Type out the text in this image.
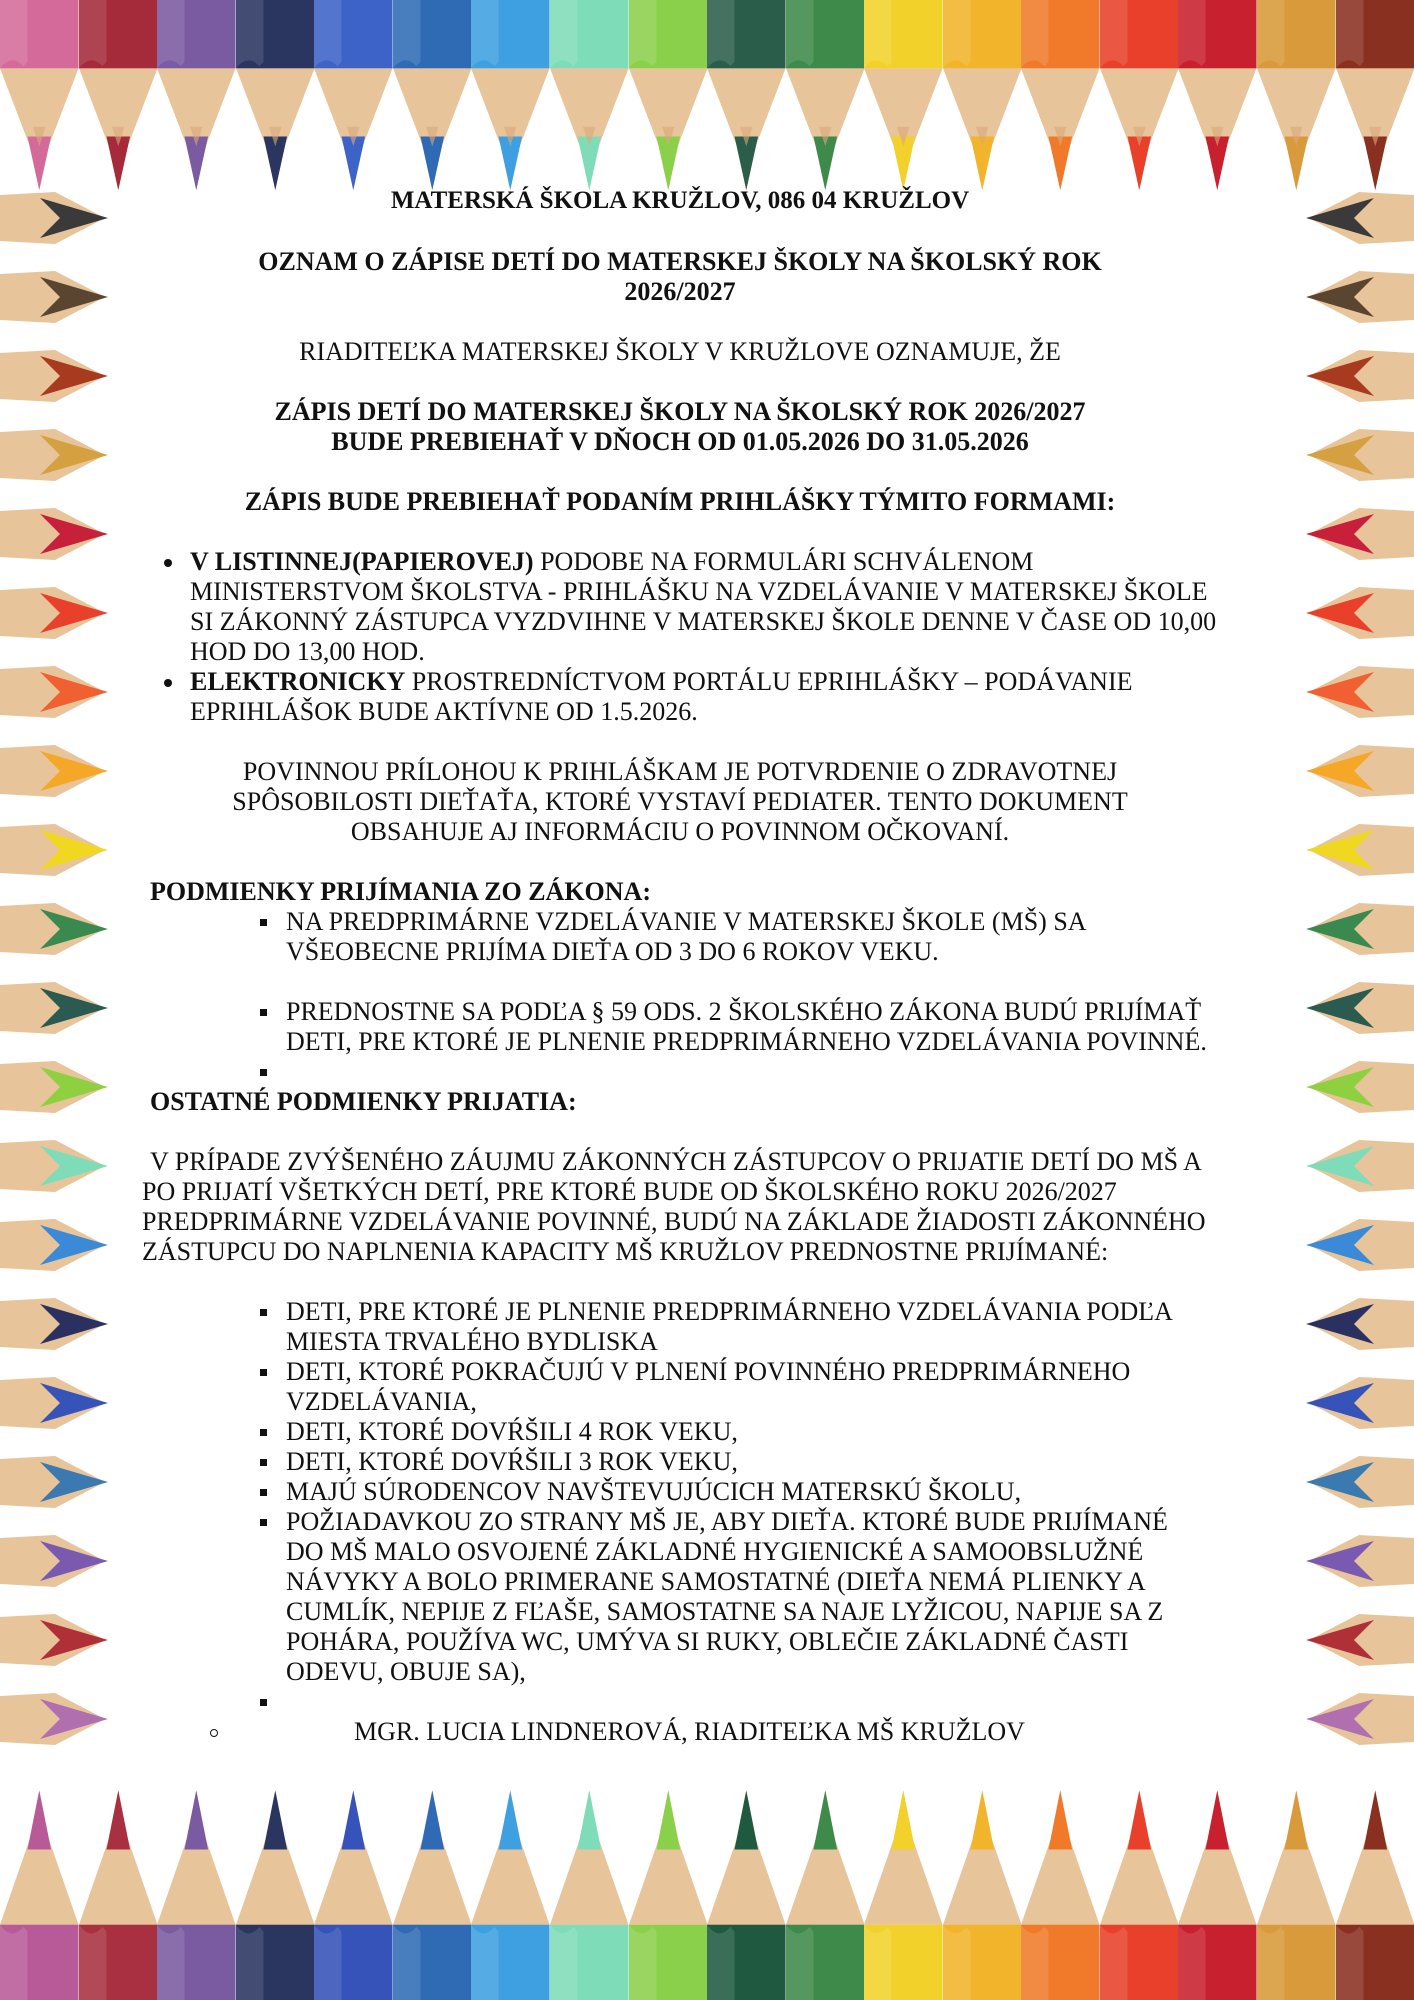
MATERSKÁ ŠKOLA KRUŽLOV, 086 04 KRUŽLOV

OZNAM O ZÁPISE DETÍ DO MATERSKEJ ŠKOLY NA ŠKOLSKÝ ROK

2026/2027

RIADITEĽKA MATERSKEJ ŠKOLY V KRUŽLOVE OZNAMUJE, ŽE

ZÁPIS DETÍ DO MATERSKEJ ŠKOLY NA ŠKOLSKÝ ROK 2026/2027

BUDE PREBIEHAŤ V DŇOCH OD 01.05.2026 DO 31.05.2026

ZÁPIS BUDE PREBIEHAŤ PODANÍM PRIHLÁŠKY TÝMITO FORMAMI:

V LISTINNEJ(PAPIEROVEJ) PODOBE NA FORMULÁRI SCHVÁLENOM MINISTERSTVOM ŠKOLSTVA - PRIHLÁŠKU NA VZDELÁVANIE V MATERSKEJ ŠKOLE SI ZÁKONNÝ ZÁSTUPCA VYZDVIHNE V MATERSKEJ ŠKOLE DENNE V ČASE OD 10,00 HOD DO 13,00 HOD.
ELEKTRONICKY PROSTREDNÍCTVOM PORTÁLU EPRIHLÁŠKY – PODÁVANIE EPRIHLÁŠOK BUDE AKTÍVNE OD 1.5.2026.

POVINNOU PRÍLOHOU K PRIHLÁŠKAM JE POTVRDENIE O ZDRAVOTNEJ

SPÔSOBILOSTI DIEŤAŤA, KTORÉ VYSTAVÍ PEDIATER. TENTO DOKUMENT

OBSAHUJE AJ INFORMÁCIU O POVINNOM OČKOVANÍ.

PODMIENKY PRIJÍMANIA ZO ZÁKONA:

NA PREDPRIMÁRNE VZDELÁVANIE V MATERSKEJ ŠKOLE (MŠ) SA VŠEOBECNE PRIJÍMA DIEŤA OD 3 DO 6 ROKOV VEKU.
PREDNOSTNE SA PODĽA § 59 ODS. 2 ŠKOLSKÉHO ZÁKONA BUDÚ PRIJÍMAŤ DETI, PRE KTORÉ JE PLNENIE PREDPRIMÁRNEHO VZDELÁVANIA POVINNÉ.

OSTATNÉ PODMIENKY PRIJATIA:

V PRÍPADE ZVÝŠENÉHO ZÁUJMU ZÁKONNÝCH ZÁSTUPCOV O PRIJATIE DETÍ DO MŠ A PO PRIJATÍ VŠETKÝCH DETÍ, PRE KTORÉ BUDE OD ŠKOLSKÉHO ROKU 2026/2027 PREDPRIMÁRNE VZDELÁVANIE POVINNÉ, BUDÚ NA ZÁKLADE ŽIADOSTI ZÁKONNÉHO ZÁSTUPCU DO NAPLNENIA KAPACITY MŠ KRUŽLOV PREDNOSTNE PRIJÍMANÉ:

DETI, PRE KTORÉ JE PLNENIE PREDPRIMÁRNEHO VZDELÁVANIA PODĽA MIESTA TRVALÉHO BYDLISKA
DETI, KTORÉ POKRAČUJÚ V PLNENÍ POVINNÉHO PREDPRIMÁRNEHO VZDELÁVANIA,
DETI, KTORÉ DOVŔŠILI 4 ROK VEKU,
DETI, KTORÉ DOVŔŠILI 3 ROK VEKU,
MAJÚ SÚRODENCOV NAVŠTEVUJÚCICH MATERSKÚ ŠKOLU,
POŽIADAVKOU ZO STRANY MŠ JE, ABY DIEŤA. KTORÉ BUDE PRIJÍMANÉ DO MŠ MALO OSVOJENÉ ZÁKLADNÉ HYGIENICKÉ A SAMOOBSLUŽNÉ NÁVYKY A BOLO PRIMERANE SAMOSTATNÉ (DIEŤA NEMÁ PLIENKY A CUMLÍK, NEPIJE Z FĽAŠE, SAMOSTATNE SA NAJE LYŽICOU, NAPIJE SA Z POHÁRA, POUŽÍVA WC, UMÝVA SI RUKY, OBLEČIE ZÁKLADNÉ ČASTI ODEVU, OBUJE SA),
MGR. LUCIA LINDNEROVÁ, RIADITEĽKA MŠ KRUŽLOV
